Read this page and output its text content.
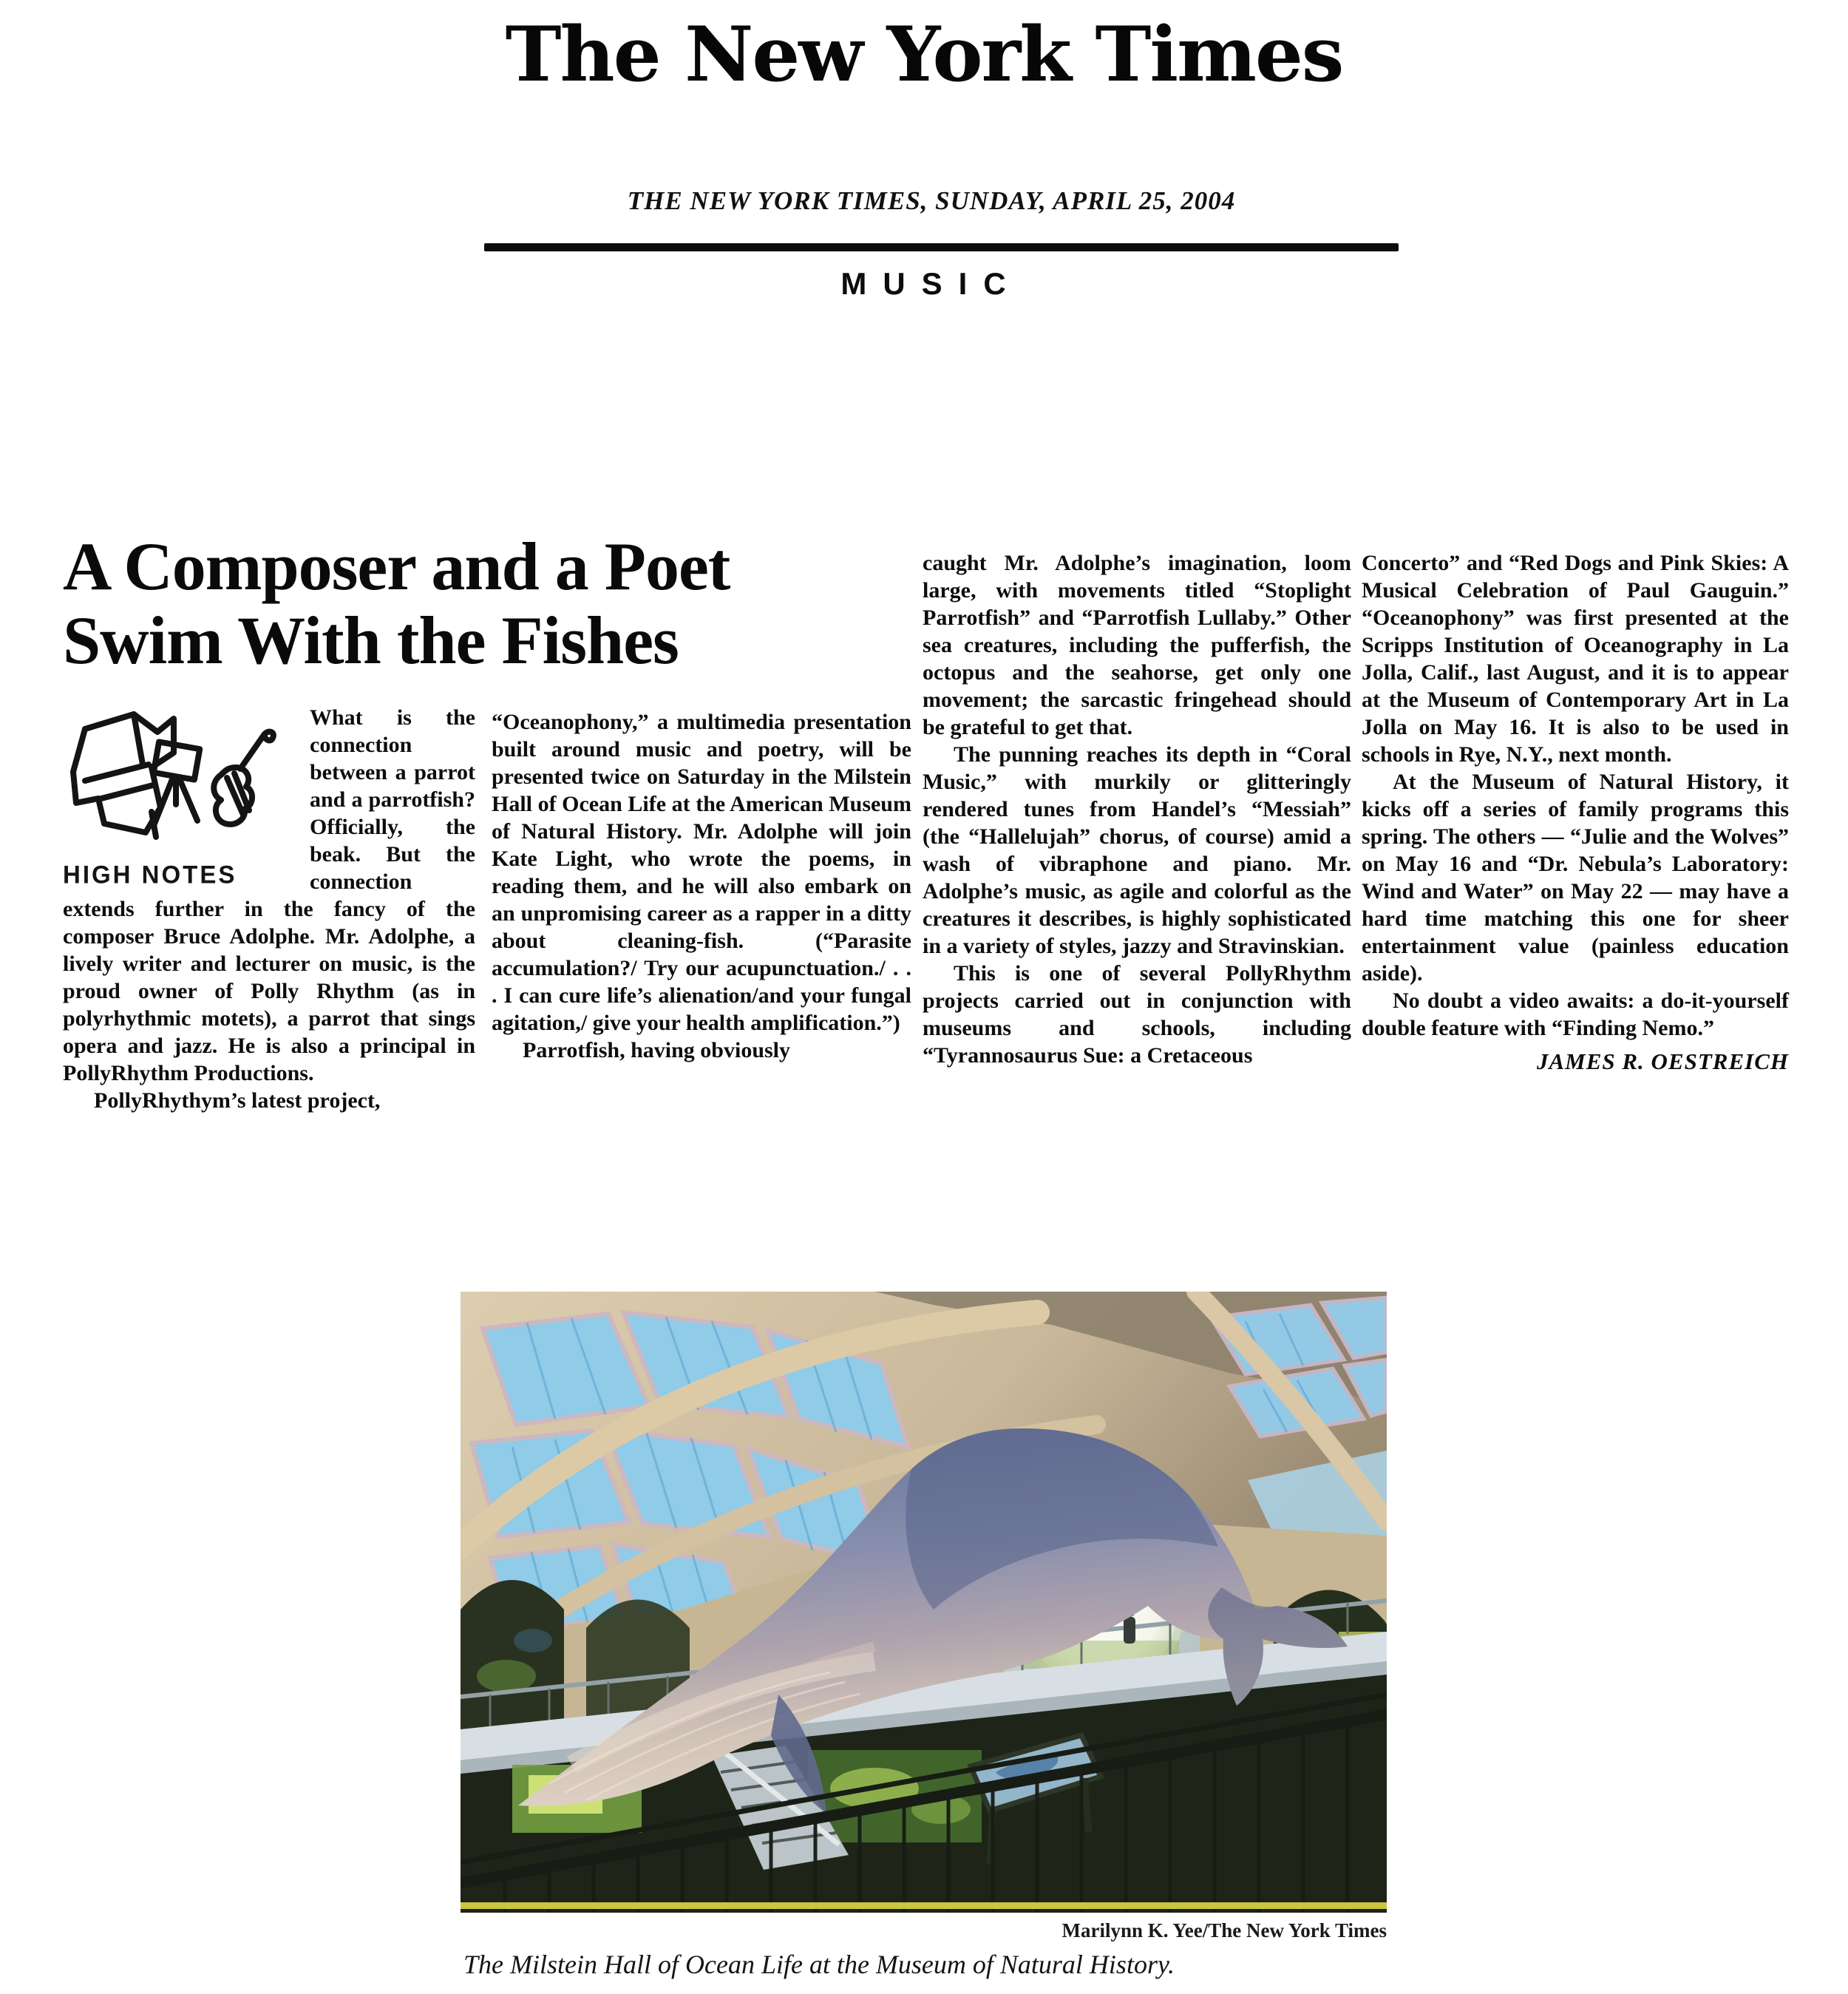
The New York Times
THE NEW YORK TIMES, SUNDAY, APRIL 25, 2004
MUSIC
A Composer and a Poet
Swim With the Fishes
HIGH NOTES

What is the connection between a parrot and a parrotfish? Officially, the beak. But the connection extends further in the fancy of the composer Bruce Adolphe. Mr. Adolphe, a lively writer and lecturer on music, is the proud owner of Polly Rhythm (as in polyrhythmic motets), a parrot that sings opera and jazz. He is also a principal in PollyRhythm Productions.

PollyRhythym’s latest project,

“Oceanophony,” a multimedia presentation built around music and poetry, will be presented twice on Saturday in the Milstein Hall of Ocean Life at the American Museum of Natural History. Mr. Adolphe will join Kate Light, who wrote the poems, in reading them, and he will also embark on an unpromising career as a rapper in a ditty about cleaning-fish. (“Parasite accumulation?/ Try our acupunctuation./ . . . I can cure life’s alienation/and your fungal agitation,/ give your health amplification.”)

Parrotfish, having obviously

caught Mr. Adolphe’s imagination, loom large, with movements titled “Stoplight Parrotfish” and “Parrotfish Lullaby.” Other sea creatures, including the pufferfish, the octopus and the seahorse, get only one movement; the sarcastic fringehead should be grateful to get that.

The punning reaches its depth in “Coral Music,” with murkily or glitteringly rendered tunes from Handel’s “Messiah” (the “Hallelujah” chorus, of course) amid a wash of vibraphone and piano. Mr. Adolphe’s music, as agile and colorful as the creatures it describes, is highly sophisticated in a variety of styles, jazzy and Stravinskian.

This is one of several PollyRhythm projects carried out in conjunction with museums and schools, including “Tyrannosaurus Sue: a Cretaceous

Concerto” and “Red Dogs and Pink Skies: A Musical Celebration of Paul Gauguin.” “Oceanophony” was first presented at the Scripps Institution of Oceanography in La Jolla, Calif., last August, and it is to appear at the Museum of Contemporary Art in La Jolla on May 16. It is also to be used in schools in Rye, N.Y., next month.

At the Museum of Natural History, it kicks off a series of family programs this spring. The others — “Julie and the Wolves” on May 16 and “Dr. Nebula’s Laboratory: Wind and Water” on May 22 — may have a hard time matching this one for sheer entertainment value (painless education aside).

No doubt a video awaits: a do-it-yourself double feature with “Finding Nemo.”

JAMES R. OESTREICH
Marilynn K. Yee/The New York Times
The Milstein Hall of Ocean Life at the Museum of Natural History.
